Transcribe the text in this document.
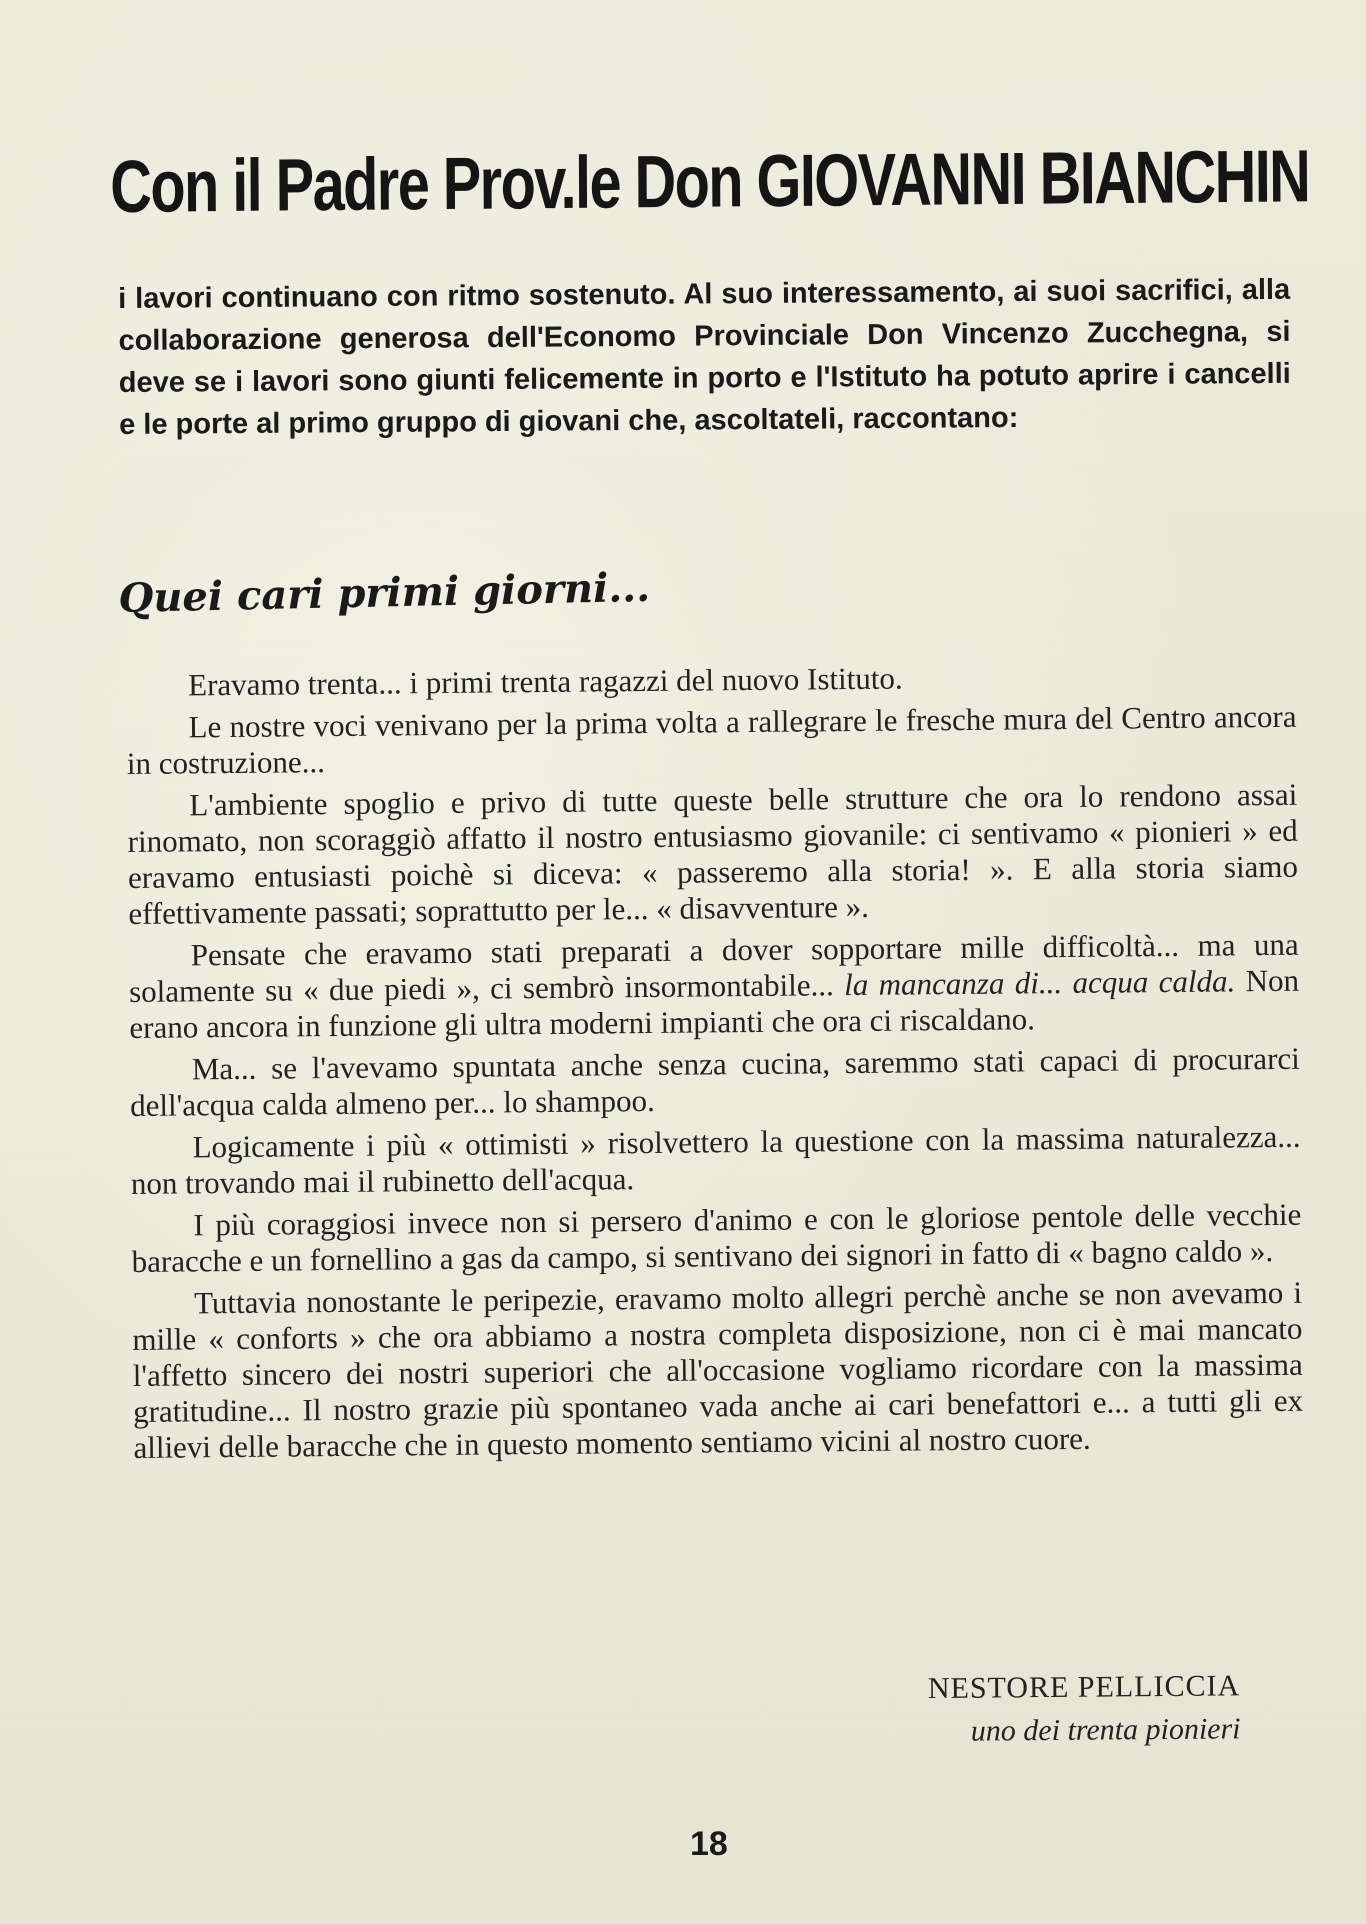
Con il Padre Prov.le Don GIOVANNI BIANCHIN

i lavori continuano con ritmo sostenuto. Al suo interessamento, ai suoi sacrifici, alla collaborazione generosa dell'Economo Provinciale Don Vincenzo Zucchegna, si deve se i lavori sono giunti felicemente in porto e l'Istituto ha potuto aprire i cancelli e le porte al primo gruppo di giovani che, ascoltateli, raccontano:

Quei cari primi giorni...

Eravamo trenta... i primi trenta ragazzi del nuovo Istituto.

Le nostre voci venivano per la prima volta a rallegrare le fresche mura del Centro ancora in costruzione...

L'ambiente spoglio e privo di tutte queste belle strutture che ora lo rendono assai rinomato, non scoraggiò affatto il nostro entusiasmo giovanile: ci sentivamo « pionieri » ed eravamo entusiasti poichè si diceva: « passeremo alla storia! ». E alla storia siamo effettivamente passati; soprattutto per le... « disavventure ».

Pensate che eravamo stati preparati a dover sopportare mille difficoltà... ma una solamente su « due piedi », ci sembrò insormontabile... la mancanza di... acqua calda. Non erano ancora in funzione gli ultra moderni impianti che ora ci riscaldano.

Ma... se l'avevamo spuntata anche senza cucina, saremmo stati capaci di procurarci dell'acqua calda almeno per... lo shampoo.

Logicamente i più « ottimisti » risolvettero la questione con la massima naturalezza... non trovando mai il rubinetto dell'acqua.

I più coraggiosi invece non si persero d'animo e con le gloriose pentole delle vecchie baracche e un fornellino a gas da campo, si sentivano dei signori in fatto di « bagno caldo ».

Tuttavia nonostante le peripezie, eravamo molto allegri perchè anche se non avevamo i mille « conforts » che ora abbiamo a nostra completa disposizione, non ci è mai mancato l'affetto sincero dei nostri superiori che all'occasione vogliamo ricordare con la massima gratitudine... Il nostro grazie più spontaneo vada anche ai cari benefattori e... a tutti gli ex allievi delle baracche che in questo momento sentiamo vicini al nostro cuore.

NESTORE PELLICCIA
uno dei trenta pionieri
18
